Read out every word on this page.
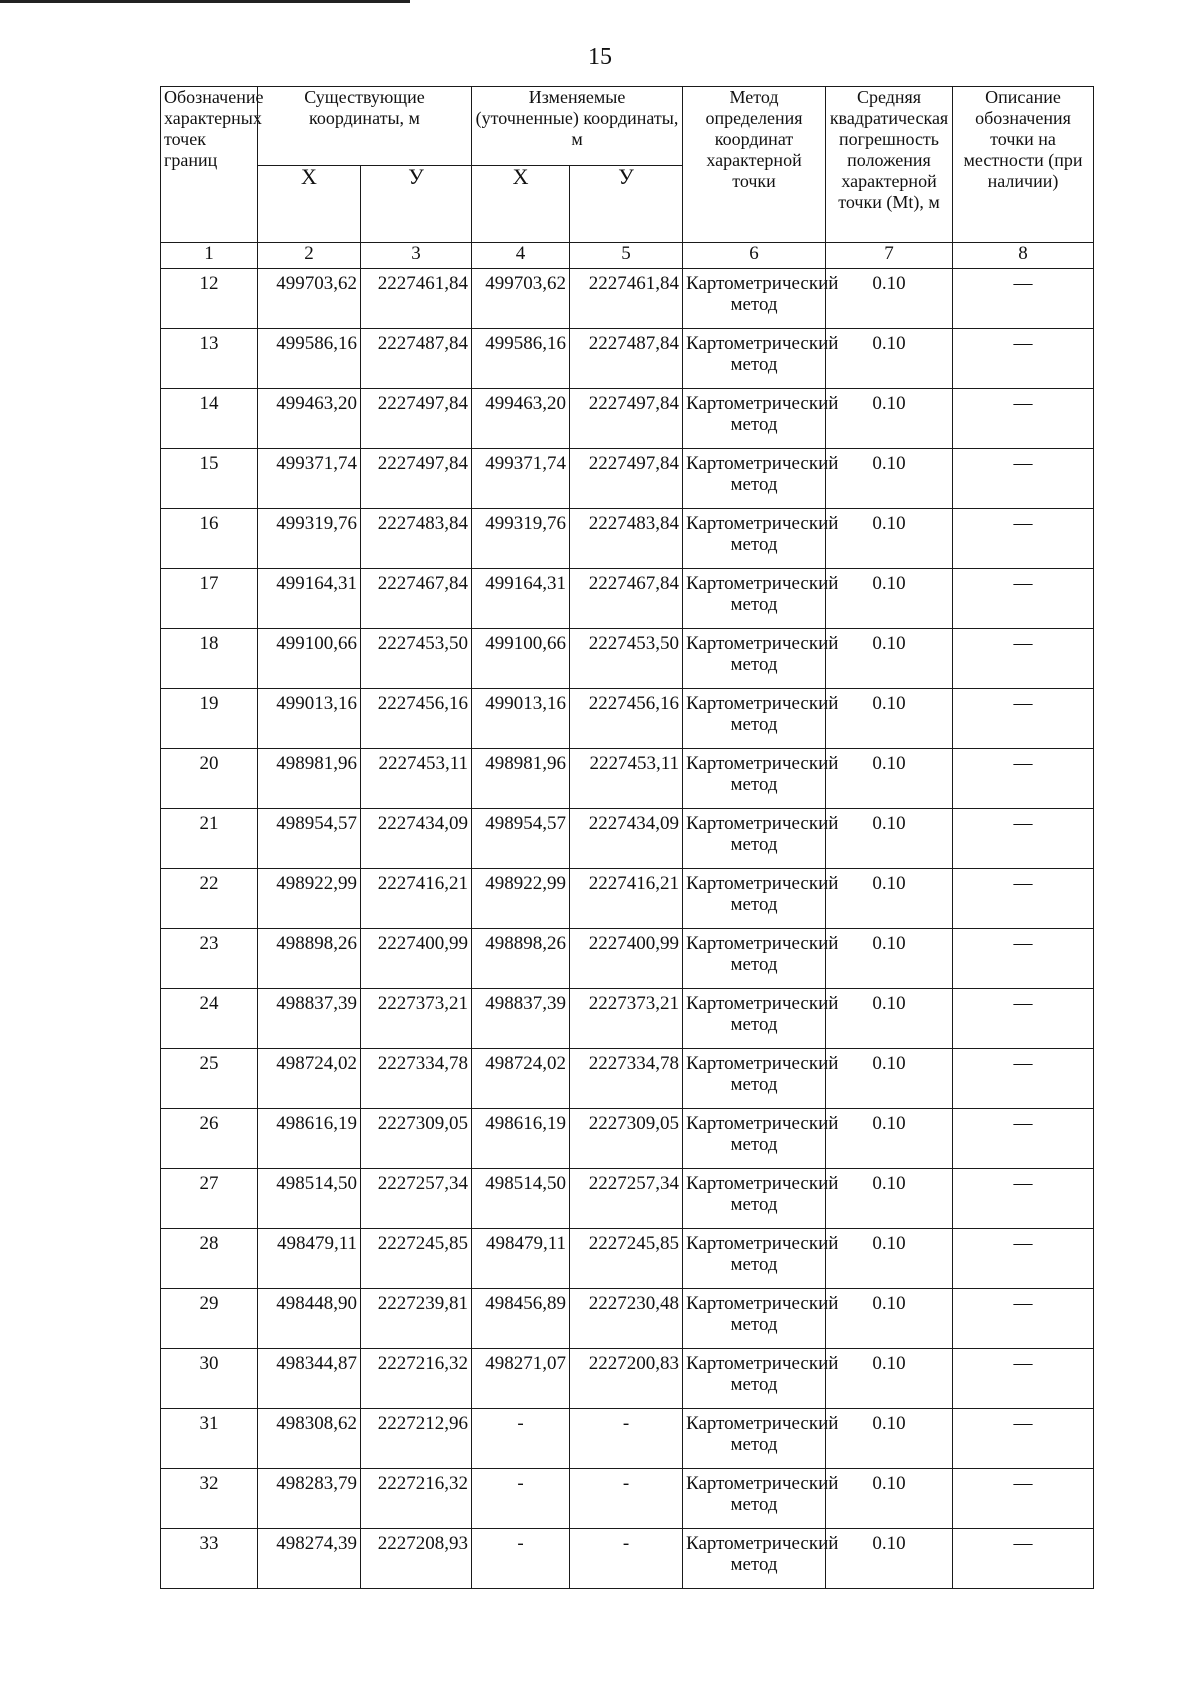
15
Обозначение характерных точек границ	Существующие координаты, м		Изменяемые (уточненные) координаты, м		Метод определения координат характерной точки	Средняя квадратическая погрешность положения характерной точки (Mt), м	Описание обозначения точки на местности (при наличии)
	X	У	X	У			
1	2	3	4	5	6	7	8
12	499703,62	2227461,84	499703,62	2227461,84	Картометрический метод	0.10	—
13	499586,16	2227487,84	499586,16	2227487,84	Картометрический метод	0.10	—
14	499463,20	2227497,84	499463,20	2227497,84	Картометрический метод	0.10	—
15	499371,74	2227497,84	499371,74	2227497,84	Картометрический метод	0.10	—
16	499319,76	2227483,84	499319,76	2227483,84	Картометрический метод	0.10	—
17	499164,31	2227467,84	499164,31	2227467,84	Картометрический метод	0.10	—
18	499100,66	2227453,50	499100,66	2227453,50	Картометрический метод	0.10	—
19	499013,16	2227456,16	499013,16	2227456,16	Картометрический метод	0.10	—
20	498981,96	2227453,11	498981,96	2227453,11	Картометрический метод	0.10	—
21	498954,57	2227434,09	498954,57	2227434,09	Картометрический метод	0.10	—
22	498922,99	2227416,21	498922,99	2227416,21	Картометрический метод	0.10	—
23	498898,26	2227400,99	498898,26	2227400,99	Картометрический метод	0.10	—
24	498837,39	2227373,21	498837,39	2227373,21	Картометрический метод	0.10	—
25	498724,02	2227334,78	498724,02	2227334,78	Картометрический метод	0.10	—
26	498616,19	2227309,05	498616,19	2227309,05	Картометрический метод	0.10	—
27	498514,50	2227257,34	498514,50	2227257,34	Картометрический метод	0.10	—
28	498479,11	2227245,85	498479,11	2227245,85	Картометрический метод	0.10	—
29	498448,90	2227239,81	498456,89	2227230,48	Картометрический метод	0.10	—
30	498344,87	2227216,32	498271,07	2227200,83	Картометрический метод	0.10	—
31	498308,62	2227212,96	-	-	Картометрический метод	0.10	—
32	498283,79	2227216,32	-	-	Картометрический метод	0.10	—
33	498274,39	2227208,93	-	-	Картометрический метод	0.10	—
